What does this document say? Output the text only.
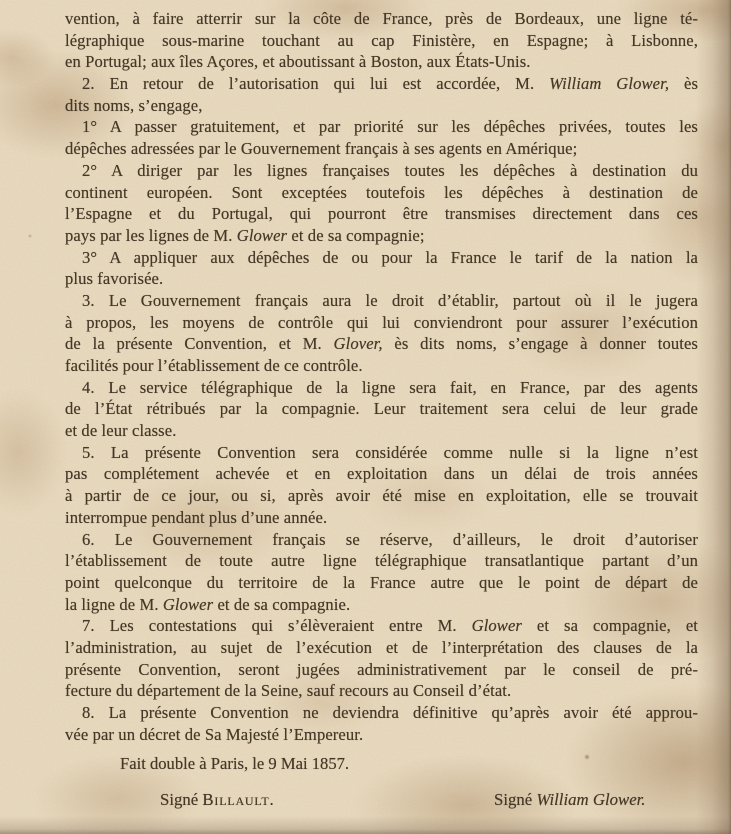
vention, à faire atterrir sur la côte de France, près de Bordeaux, une ligne té-
légraphique sous-marine touchant au cap Finistère, en Espagne; à Lisbonne,
en Portugal; aux îles Açores, et aboutissant à Boston, aux États-Unis.
2. En retour de l’autorisation qui lui est accordée, M. William Glower, ès
dits noms, s’engage,
1° A passer gratuitement, et par priorité sur les dépêches privées, toutes les
dépêches adressées par le Gouvernement français à ses agents en Amérique;
2° A diriger par les lignes françaises toutes les dépêches à destination du
continent européen. Sont exceptées toutefois les dépêches à destination de
l’Espagne et du Portugal, qui pourront être transmises directement dans ces
pays par les lignes de M. Glower et de sa compagnie;
3° A appliquer aux dépêches de ou pour la France le tarif de la nation la
plus favorisée.
3. Le Gouvernement français aura le droit d’établir, partout où il le jugera
à propos, les moyens de contrôle qui lui conviendront pour assurer l’exécution
de la présente Convention, et M. Glover, ès dits noms, s’engage à donner toutes
facilités pour l’établissement de ce contrôle.
4. Le service télégraphique de la ligne sera fait, en France, par des agents
de l’État rétribués par la compagnie. Leur traitement sera celui de leur grade
et de leur classe.
5. La présente Convention sera considérée comme nulle si la ligne n’est
pas complétement achevée et en exploitation dans un délai de trois années
à partir de ce jour, ou si, après avoir été mise en exploitation, elle se trouvait
interrompue pendant plus d’une année.
6. Le Gouvernement français se réserve, d’ailleurs, le droit d’autoriser
l’établissement de toute autre ligne télégraphique transatlantique partant d’un
point quelconque du territoire de la France autre que le point de départ de
la ligne de M. Glower et de sa compagnie.
7. Les contestations qui s’élèveraient entre M. Glower et sa compagnie, et
l’administration, au sujet de l’exécution et de l’interprétation des clauses de la
présente Convention, seront jugées administrativement par le conseil de pré-
fecture du département de la Seine, sauf recours au Conseil d’état.
8. La présente Convention ne deviendra définitive qu’après avoir été approu-
vée par un décret de Sa Majesté l’Empereur.
Fait double à Paris, le 9 Mai 1857.
Signé Billault.	Signé William Glower.
